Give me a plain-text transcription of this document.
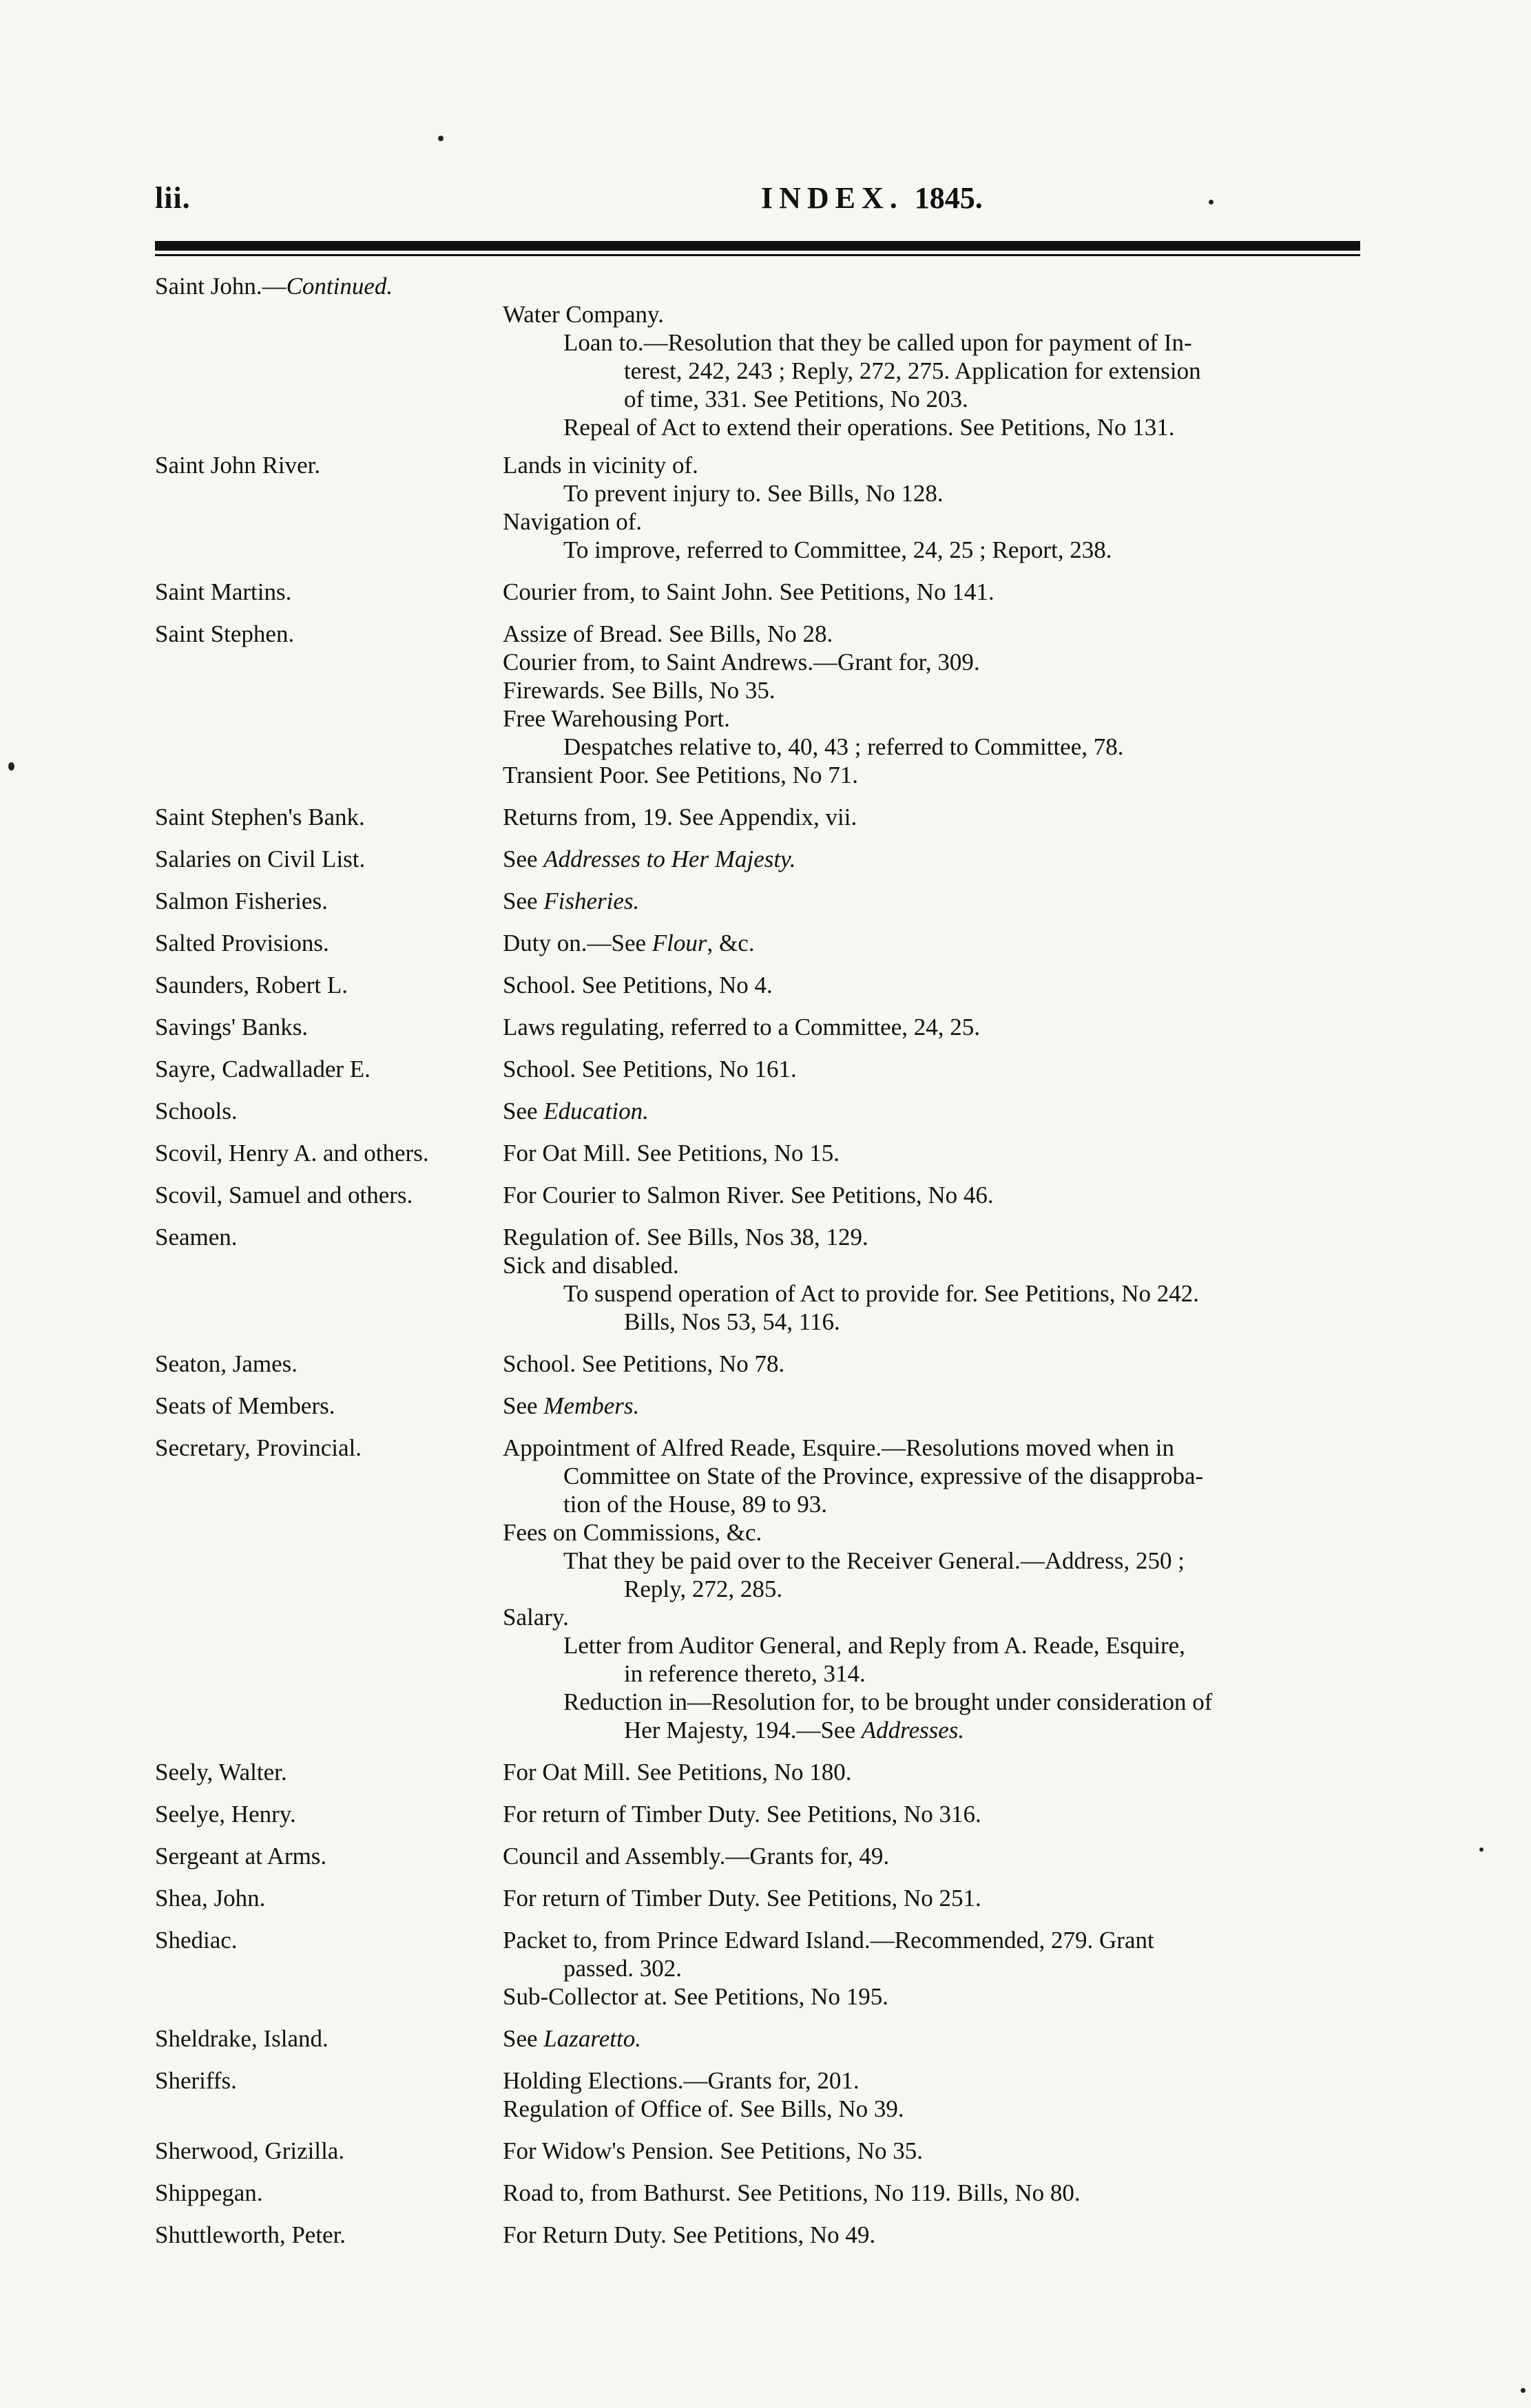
lii.	INDEX. 1845.
Saint John.—Continued.
Water Company.
Loan to.—Resolution that they be called upon for payment of In-
terest, 242, 243 ; Reply, 272, 275. Application for extension
of time, 331. See Petitions, No 203.
Repeal of Act to extend their operations. See Petitions, No 131.
Saint John River.	Lands in vicinity of.
To prevent injury to. See Bills, No 128.
Navigation of.
To improve, referred to Committee, 24, 25 ; Report, 238.
Saint Martins.	Courier from, to Saint John. See Petitions, No 141.
Saint Stephen.	Assize of Bread. See Bills, No 28.
Courier from, to Saint Andrews.—Grant for, 309.
Firewards. See Bills, No 35.
Free Warehousing Port.
Despatches relative to, 40, 43 ; referred to Committee, 78.
Transient Poor. See Petitions, No 71.
Saint Stephen's Bank.	Returns from, 19. See Appendix, vii.
Salaries on Civil List.	See Addresses to Her Majesty.
Salmon Fisheries.	See Fisheries.
Salted Provisions.	Duty on.—See Flour, &c.
Saunders, Robert L.	School. See Petitions, No 4.
Savings' Banks.	Laws regulating, referred to a Committee, 24, 25.
Sayre, Cadwallader E.	School. See Petitions, No 161.
Schools.	See Education.
Scovil, Henry A. and others.	For Oat Mill. See Petitions, No 15.
Scovil, Samuel and others.	For Courier to Salmon River. See Petitions, No 46.
Seamen.	Regulation of. See Bills, Nos 38, 129.
Sick and disabled.
To suspend operation of Act to provide for. See Petitions, No 242.
Bills, Nos 53, 54, 116.
Seaton, James.	School. See Petitions, No 78.
Seats of Members.	See Members.
Secretary, Provincial.	Appointment of Alfred Reade, Esquire.—Resolutions moved when in
Committee on State of the Province, expressive of the disapproba-
tion of the House, 89 to 93.
Fees on Commissions, &c.
That they be paid over to the Receiver General.—Address, 250 ;
Reply, 272, 285.
Salary.
Letter from Auditor General, and Reply from A. Reade, Esquire,
in reference thereto, 314.
Reduction in—Resolution for, to be brought under consideration of
Her Majesty, 194.—See Addresses.
Seely, Walter.	For Oat Mill. See Petitions, No 180.
Seelye, Henry.	For return of Timber Duty. See Petitions, No 316.
Sergeant at Arms.	Council and Assembly.—Grants for, 49.
Shea, John.	For return of Timber Duty. See Petitions, No 251.
Shediac.	Packet to, from Prince Edward Island.—Recommended, 279. Grant
passed. 302.
Sub-Collector at. See Petitions, No 195.
Sheldrake, Island.	See Lazaretto.
Sheriffs.	Holding Elections.—Grants for, 201.
Regulation of Office of. See Bills, No 39.
Sherwood, Grizilla.	For Widow's Pension. See Petitions, No 35.
Shippegan.	Road to, from Bathurst. See Petitions, No 119. Bills, No 80.
Shuttleworth, Peter.	For Return Duty. See Petitions, No 49.
